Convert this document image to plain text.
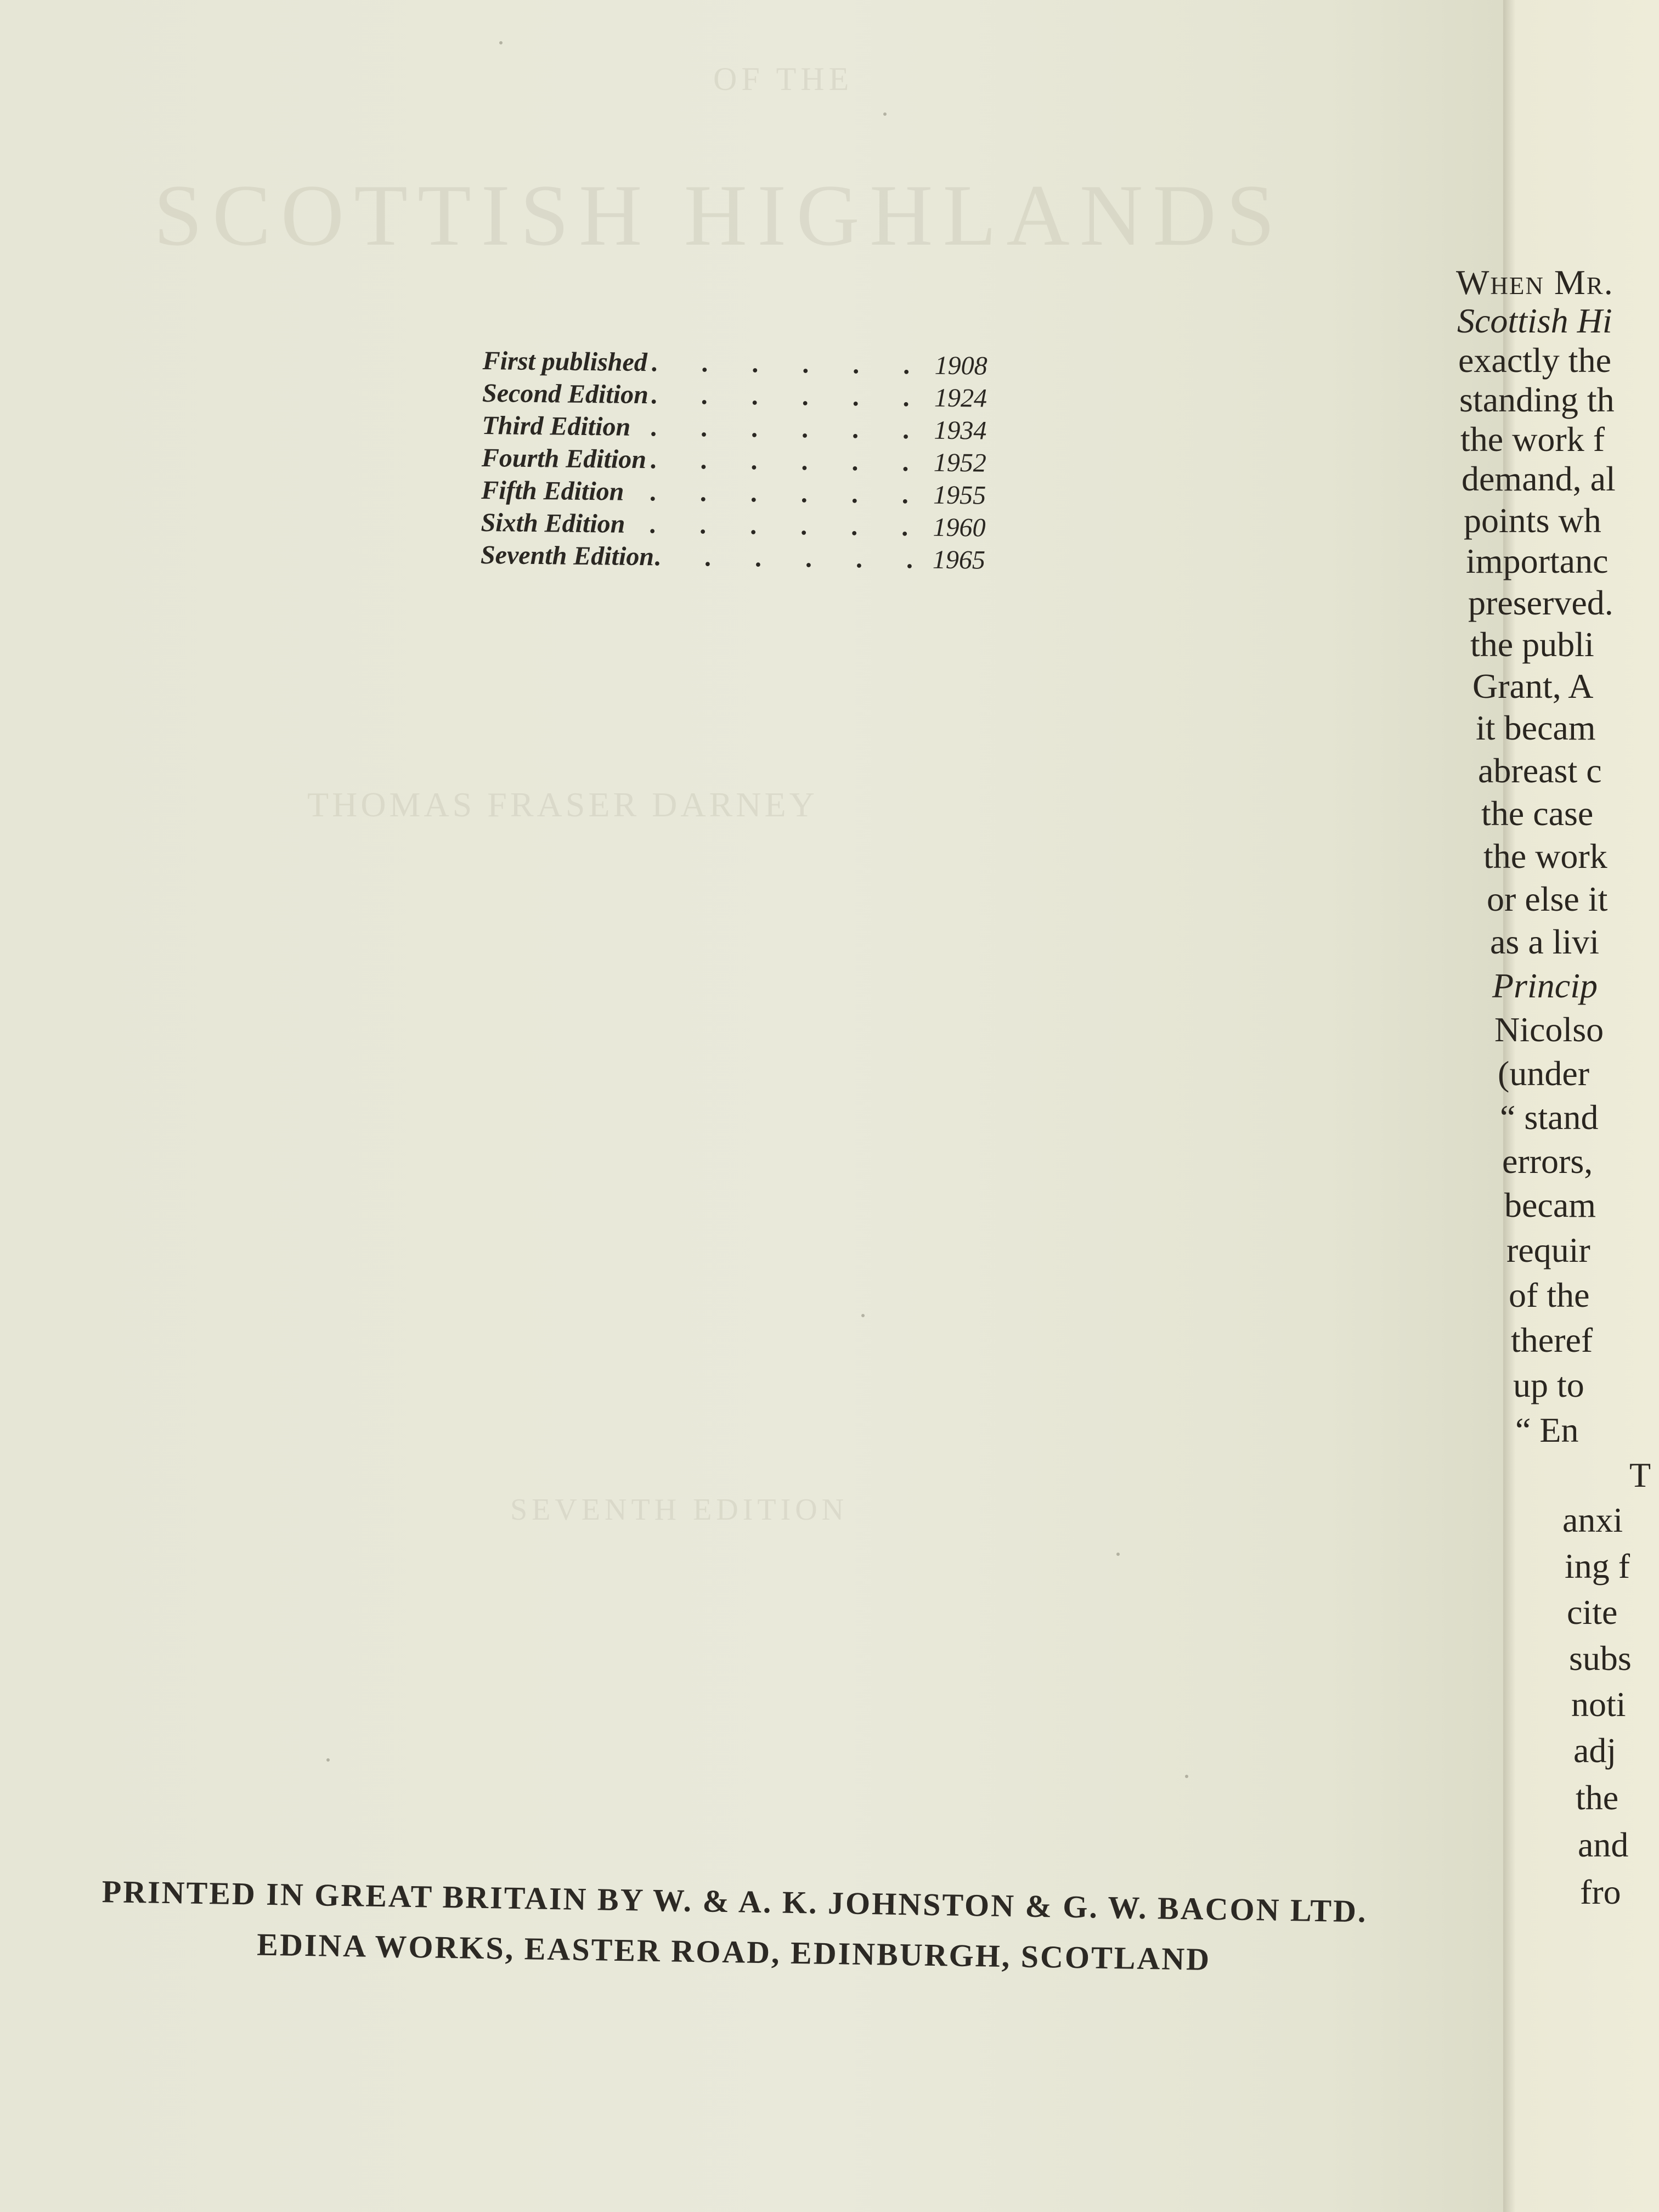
OF THE
SCOTTISH HIGHLANDS
THOMAS FRASER DARNEY
SEVENTH EDITION
First published . . . . . . 1908
Second Edition . . . . . . 1924
Third Edition . . . . . . 1934
Fourth Edition . . . . . . 1952
Fifth Edition . . . . . . 1955
Sixth Edition . . . . . . 1960
Seventh Edition . . . . . . 1965
PRINTED IN GREAT BRITAIN BY W. & A. K. JOHNSTON & G. W. BACON LTD.
EDINA WORKS, EASTER ROAD, EDINBURGH, SCOTLAND
When Mr.
Scottish Hi
exactly the
standing th
the work f
demand, al
points wh
importanc
preserved.
the publi
Grant, A
it becam
abreast c
the case
the work
or else it
as a livi
Princip
Nicolso
(under
“ stand
errors,
becam
requir
of the
theref
up to
“ En
T
anxi
ing f
cite
subs
noti
adj
the
and
fro
